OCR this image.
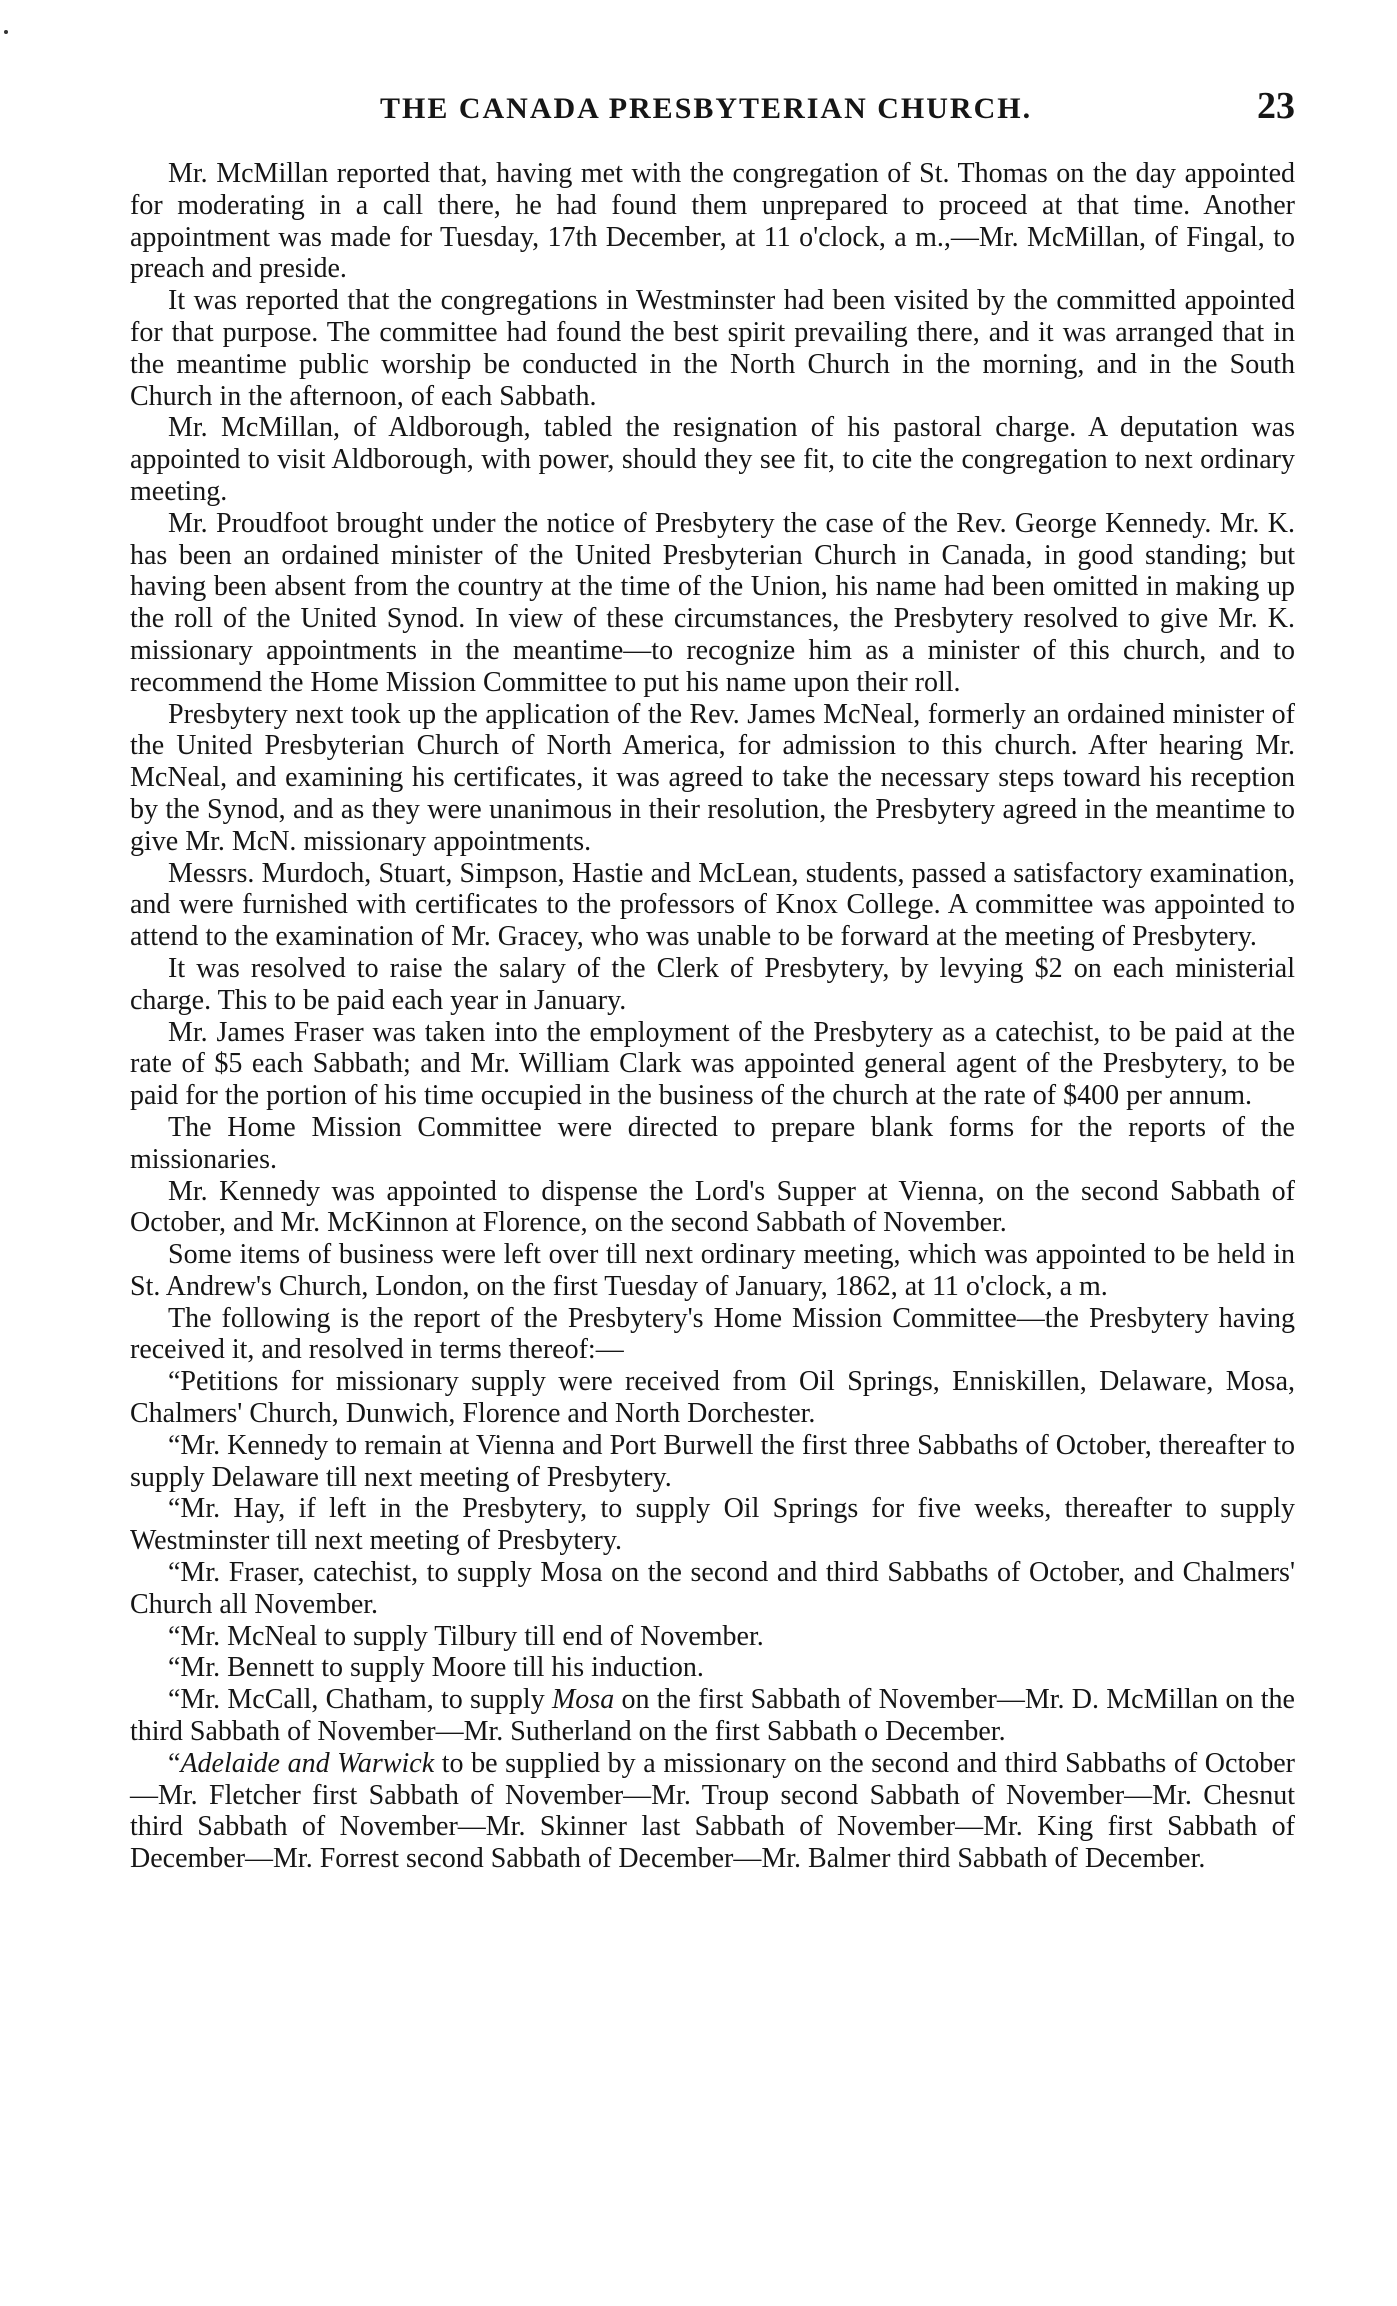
THE CANADA PRESBYTERIAN CHURCH.	23

Mr. McMillan reported that, having met with the congregation of St. Thomas on the day appointed for moderating in a call there, he had found them unprepared to proceed at that time. Another appointment was made for Tuesday, 17th December, at 11 o'clock, a m.,—Mr. McMillan, of Fingal, to preach and preside.

It was reported that the congregations in Westminster had been visited by the committed appointed for that purpose. The committee had found the best spirit prevailing there, and it was arranged that in the meantime public worship be conducted in the North Church in the morning, and in the South Church in the afternoon, of each Sabbath.

Mr. McMillan, of Aldborough, tabled the resignation of his pastoral charge. A deputation was appointed to visit Aldborough, with power, should they see fit, to cite the congregation to next ordinary meeting.

Mr. Proudfoot brought under the notice of Presbytery the case of the Rev. George Kennedy. Mr. K. has been an ordained minister of the United Presbyterian Church in Canada, in good standing; but having been absent from the country at the time of the Union, his name had been omitted in making up the roll of the United Synod. In view of these circumstances, the Presbytery resolved to give Mr. K. missionary appointments in the meantime—to recognize him as a minister of this church, and to recommend the Home Mission Committee to put his name upon their roll.

Presbytery next took up the application of the Rev. James McNeal, formerly an ordained minister of the United Presbyterian Church of North America, for admission to this church. After hearing Mr. McNeal, and examining his certificates, it was agreed to take the necessary steps toward his reception by the Synod, and as they were unanimous in their resolution, the Presbytery agreed in the meantime to give Mr. McN. missionary appointments.

Messrs. Murdoch, Stuart, Simpson, Hastie and McLean, students, passed a satisfactory examination, and were furnished with certificates to the professors of Knox College. A committee was appointed to attend to the examination of Mr. Gracey, who was unable to be forward at the meeting of Presbytery.

It was resolved to raise the salary of the Clerk of Presbytery, by levying $2 on each ministerial charge. This to be paid each year in January.

Mr. James Fraser was taken into the employment of the Presbytery as a catechist, to be paid at the rate of $5 each Sabbath; and Mr. William Clark was appointed general agent of the Presbytery, to be paid for the portion of his time occupied in the business of the church at the rate of $400 per annum.

The Home Mission Committee were directed to prepare blank forms for the reports of the missionaries.

Mr. Kennedy was appointed to dispense the Lord's Supper at Vienna, on the second Sabbath of October, and Mr. McKinnon at Florence, on the second Sabbath of November.

Some items of business were left over till next ordinary meeting, which was appointed to be held in St. Andrew's Church, London, on the first Tuesday of January, 1862, at 11 o'clock, a m.

The following is the report of the Presbytery's Home Mission Committee—the Presbytery having received it, and resolved in terms thereof:—

“Petitions for missionary supply were received from Oil Springs, Enniskillen, Delaware, Mosa, Chalmers' Church, Dunwich, Florence and North Dorchester.

“Mr. Kennedy to remain at Vienna and Port Burwell the first three Sabbaths of October, thereafter to supply Delaware till next meeting of Presbytery.

“Mr. Hay, if left in the Presbytery, to supply Oil Springs for five weeks, thereafter to supply Westminster till next meeting of Presbytery.

“Mr. Fraser, catechist, to supply Mosa on the second and third Sabbaths of October, and Chalmers' Church all November.

“Mr. McNeal to supply Tilbury till end of November.

“Mr. Bennett to supply Moore till his induction.

“Mr. McCall, Chatham, to supply Mosa on the first Sabbath of November—Mr. D. McMillan on the third Sabbath of November—Mr. Sutherland on the first Sabbath o December.

“Adelaide and Warwick to be supplied by a missionary on the second and third Sabbaths of October—Mr. Fletcher first Sabbath of November—Mr. Troup second Sabbath of November—Mr. Chesnut third Sabbath of November—Mr. Skinner last Sabbath of November—Mr. King first Sabbath of December—Mr. Forrest second Sabbath of December—Mr. Balmer third Sabbath of December.
